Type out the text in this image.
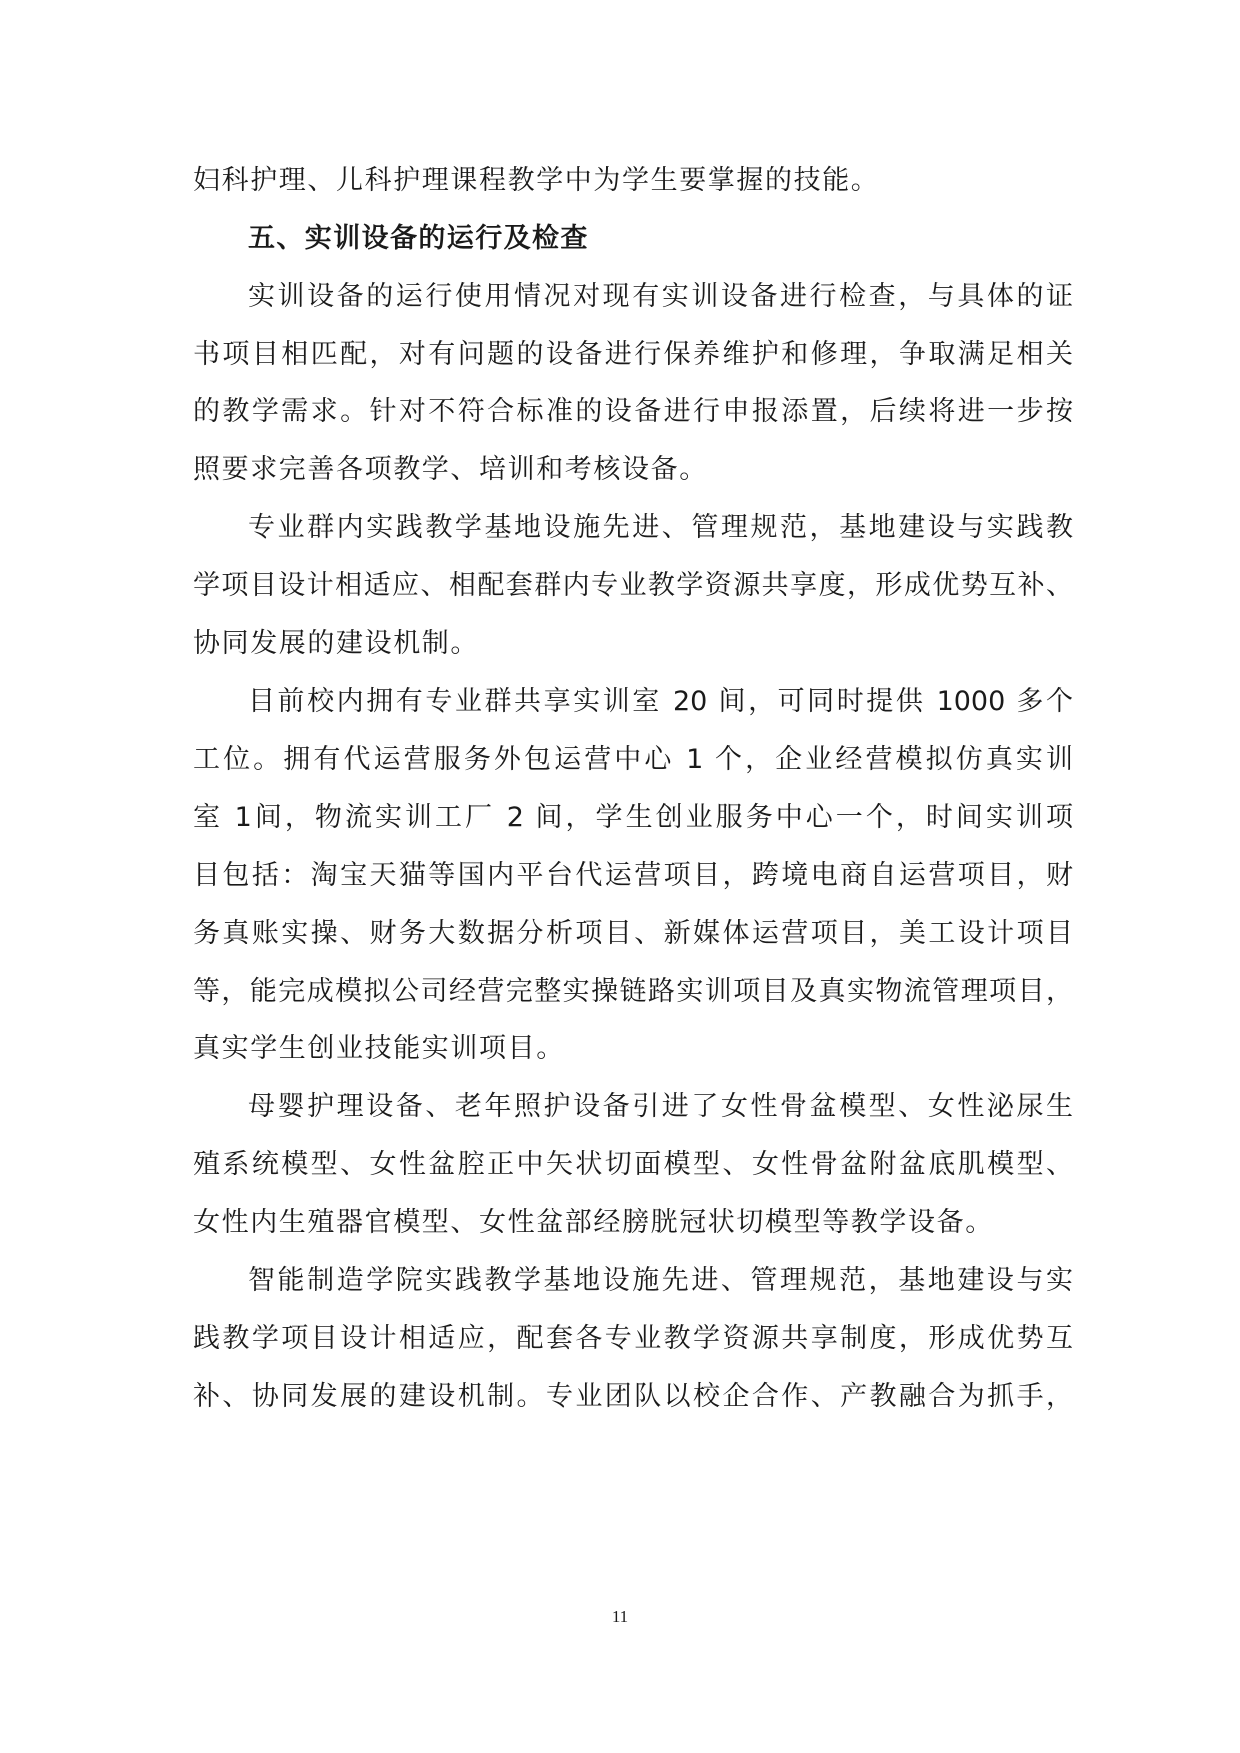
妇科护理、儿科护理课程教学中为学生要掌握的技能。
五、实训设备的运行及检查
实训设备的运行使用情况对现有实训设备进行检查，与具体的证
书项目相匹配，对有问题的设备进行保养维护和修理，争取满足相关
的教学需求。针对不符合标准的设备进行申报添置，后续将进一步按
照要求完善各项教学、培训和考核设备。
专业群内实践教学基地设施先进、管理规范，基地建设与实践教
学项目设计相适应、相配套群内专业教学资源共享度，形成优势互补、
协同发展的建设机制。
目前校内拥有专业群共享实训室 20 间，可同时提供 1000 多个
工位。拥有代运营服务外包运营中心 1 个，企业经营模拟仿真实训
室 1间，物流实训工厂 2 间，学生创业服务中心一个，时间实训项
目包括：淘宝天猫等国内平台代运营项目，跨境电商自运营项目，财
务真账实操、财务大数据分析项目、新媒体运营项目，美工设计项目
等，能完成模拟公司经营完整实操链路实训项目及真实物流管理项目，
真实学生创业技能实训项目。
母婴护理设备、老年照护设备引进了女性骨盆模型、女性泌尿生
殖系统模型、女性盆腔正中矢状切面模型、女性骨盆附盆底肌模型、
女性内生殖器官模型、女性盆部经膀胱冠状切模型等教学设备。
智能制造学院实践教学基地设施先进、管理规范，基地建设与实
践教学项目设计相适应，配套各专业教学资源共享制度，形成优势互
补、协同发展的建设机制。专业团队以校企合作、产教融合为抓手，
11
